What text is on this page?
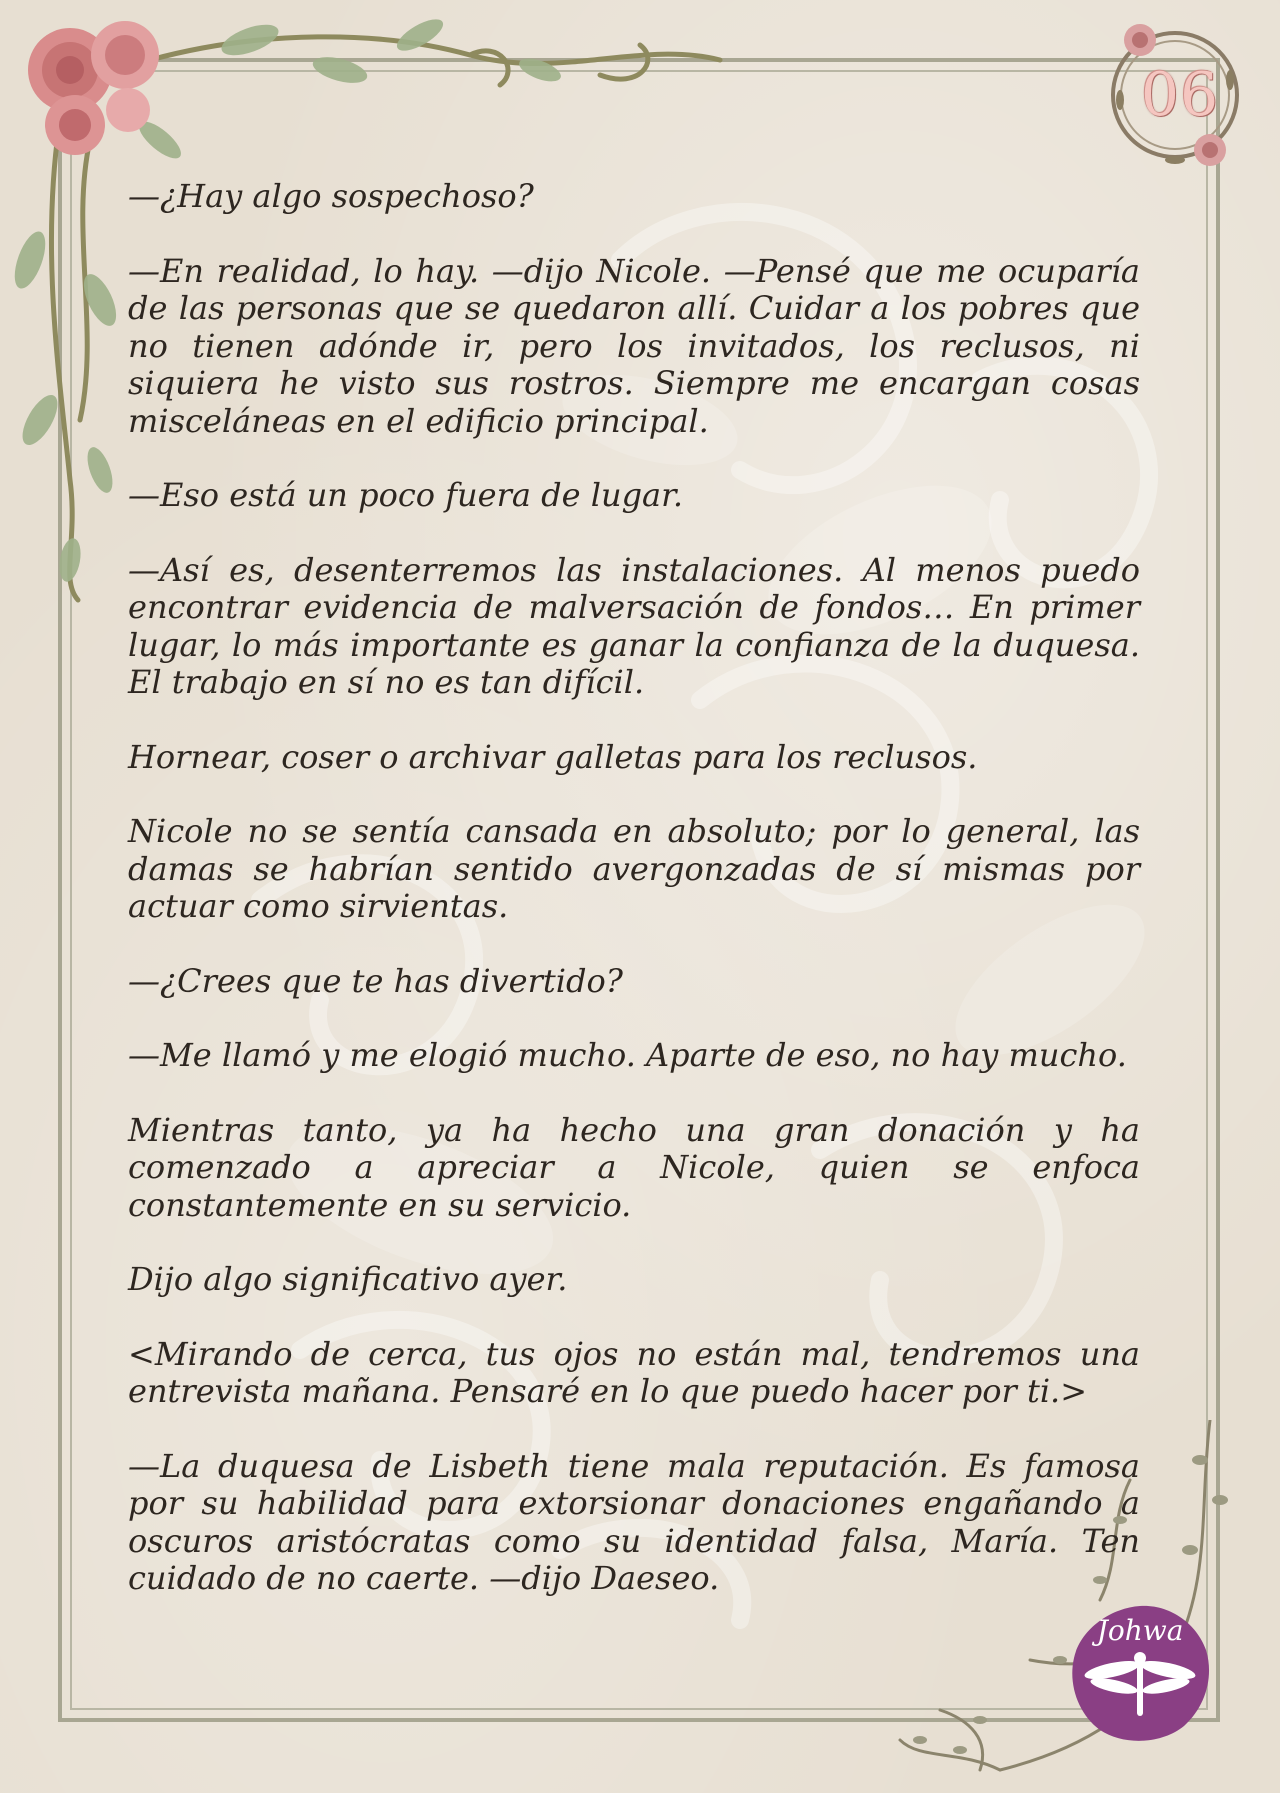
06
Johwa

—¿Hay algo sospechoso?

—En realidad, lo hay. —dijo Nicole. —Pensé que me ocuparía de las personas que se quedaron allí. Cuidar a los pobres que no tienen adónde ir, pero los invitados, los reclusos, ni siquiera he visto sus rostros. Siempre me encargan cosas misceláneas en el edificio principal.

—Eso está un poco fuera de lugar.

—Así es, desenterremos las instalaciones. Al menos puedo encontrar evidencia de malversación de fondos… En primer lugar, lo más importante es ganar la confianza de la duquesa. El trabajo en sí no es tan difícil.

Hornear, coser o archivar galletas para los reclusos.

Nicole no se sentía cansada en absoluto; por lo general, las damas se habrían sentido avergonzadas de sí mismas por actuar como sirvientas.

—¿Crees que te has divertido?

—Me llamó y me elogió mucho. Aparte de eso, no hay mucho.

Mientras tanto, ya ha hecho una gran donación y ha comenzado a apreciar a Nicole, quien se enfoca constantemente en su servicio.

Dijo algo significativo ayer.

<Mirando de cerca, tus ojos no están mal, tendremos una entrevista mañana. Pensaré en lo que puedo hacer por ti.>

—La duquesa de Lisbeth tiene mala reputación. Es famosa por su habilidad para extorsionar donaciones engañando a oscuros aristócratas como su identidad falsa, María. Ten cuidado de no caerte. —dijo Daeseo.
